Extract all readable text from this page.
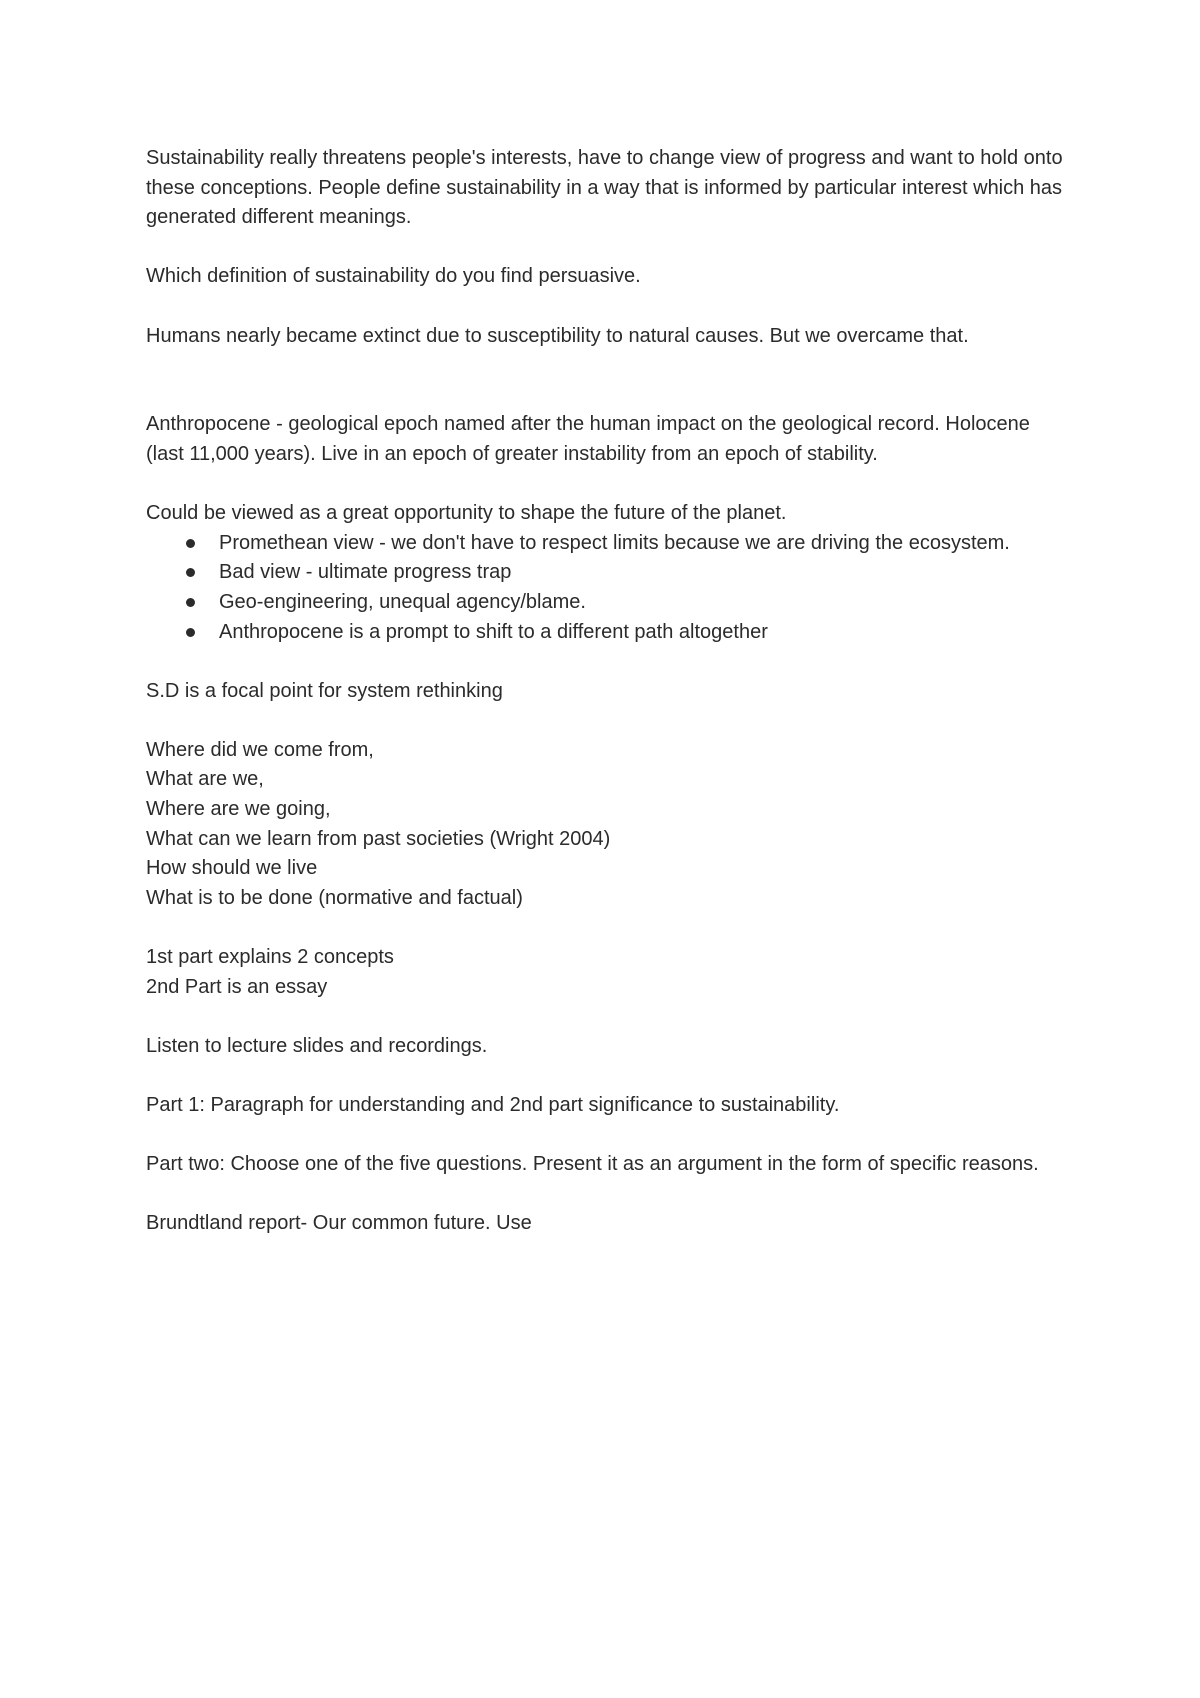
Sustainability really threatens people's interests, have to change view of progress and want to hold onto these conceptions. People define sustainability in a way that is informed by particular interest which has generated different meanings.

Which definition of sustainability do you find persuasive.

Humans nearly became extinct due to susceptibility to natural causes. But we overcame that.

Anthropocene - geological epoch named after the human impact on the geological record. Holocene (last 11,000 years). Live in an epoch of greater instability from an epoch of stability.

Could be viewed as a great opportunity to shape the future of the planet.

Promethean view - we don't have to respect limits because we are driving the ecosystem.
Bad view - ultimate progress trap
Geo-engineering, unequal agency/blame.
Anthropocene is a prompt to shift to a different path altogether

S.D is a focal point for system rethinking

Where did we come from,
What are we,
Where are we going,
What can we learn from past societies (Wright 2004)
How should we live
What is to be done (normative and factual)
1st part explains 2 concepts
2nd Part is an essay

Listen to lecture slides and recordings.

Part 1: Paragraph for understanding and 2nd part significance to sustainability.

Part two: Choose one of the five questions. Present it as an argument in the form of specific reasons.

Brundtland report- Our common future. Use
